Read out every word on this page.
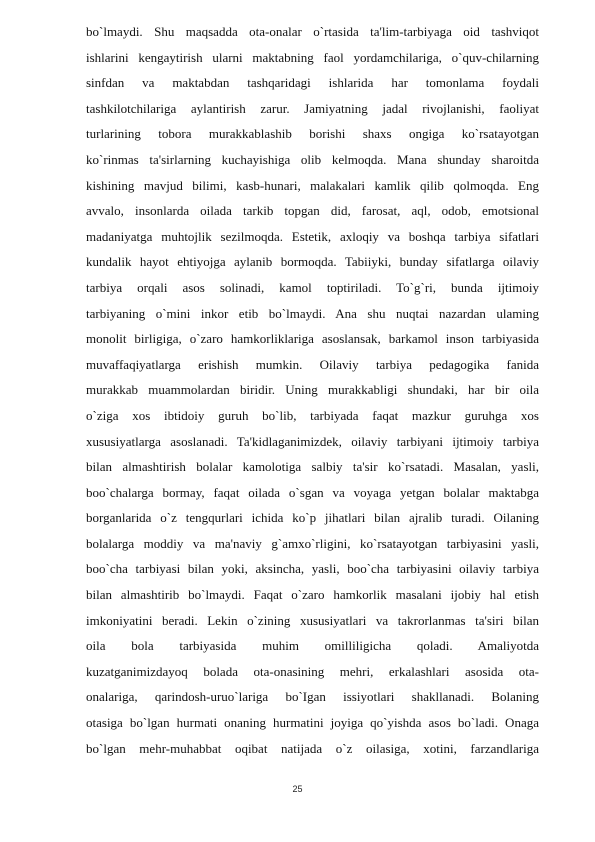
bo`lmaydi. Shu maqsadda ota-onalar o`rtasida ta'lim-tarbiyaga oid tashviqot
ishlarini kengaytirish ularni maktabning faol yordamchilariga, o`quv-chilarning
sinfdan va maktabdan tashqaridagi ishlarida har tomonlama foydali
tashkilotchilariga aylantirish zarur. Jamiyatning jadal rivojlanishi, faoliyat
turlarining tobora murakkablashib borishi shaxs ongiga ko`rsatayotgan
ko`rinmas ta'sirlarning kuchayishiga olib kelmoqda. Mana shunday sharoitda
kishining mavjud bilimi, kasb-hunari, malakalari kamlik qilib qolmoqda. Eng
avvalo, insonlarda oilada tarkib topgan did, farosat, aql, odob, emotsional
madaniyatga muhtojlik sezilmoqda. Estetik, axloqiy va boshqa tarbiya sifatlari
kundalik hayot ehtiyojga aylanib bormoqda. Tabiiyki, bunday sifatlarga oilaviy
tarbiya orqali asos solinadi, kamol toptiriladi. To`g`ri, bunda ijtimoiy
tarbiyaning o`mini inkor etib bo`lmaydi. Ana shu nuqtai nazardan ulaming
monolit birligiga, o`zaro hamkorliklariga asoslansak, barkamol inson tarbiyasida
muvaffaqiyatlarga erishish mumkin. Oilaviy tarbiya pedagogika fanida
murakkab muammolardan biridir. Uning murakkabligi shundaki, har bir oila
o`ziga xos ibtidoiy guruh bo`lib, tarbiyada faqat mazkur guruhga xos
xususiyatlarga asoslanadi. Ta'kidlaganimizdek, oilaviy tarbiyani ijtimoiy tarbiya
bilan almashtirish bolalar kamolotiga salbiy ta'sir ko`rsatadi. Masalan, yasli,
boo`chalarga bormay, faqat oilada o`sgan va voyaga yetgan bolalar maktabga
borganlarida o`z tengqurlari ichida ko`p jihatlari bilan ajralib turadi. Oilaning
bolalarga moddiy va ma'naviy g`amxo`rligini, ko`rsatayotgan tarbiyasini yasli,
boo`cha tarbiyasi bilan yoki, aksincha, yasli, boo`cha tarbiyasini oilaviy tarbiya
bilan almashtirib bo`lmaydi. Faqat o`zaro hamkorlik masalani ijobiy hal etish
imkoniyatini beradi. Lekin o`zining xususiyatlari va takrorlanmas ta'siri bilan
oila bola tarbiyasida muhim omilliligicha qoladi. Amaliyotda
kuzatganimizdayoq bolada ota-onasining mehri, erkalashlari asosida ota-
onalariga, qarindosh-uruo`lariga bo`Igan issiyotlari shakllanadi. Bolaning
otasiga bo`lgan hurmati onaning hurmatini joyiga qo`yishda asos bo`ladi. Onaga
bo`lgan mehr-muhabbat oqibat natijada o`z oilasiga, xotini, farzandlariga
25
